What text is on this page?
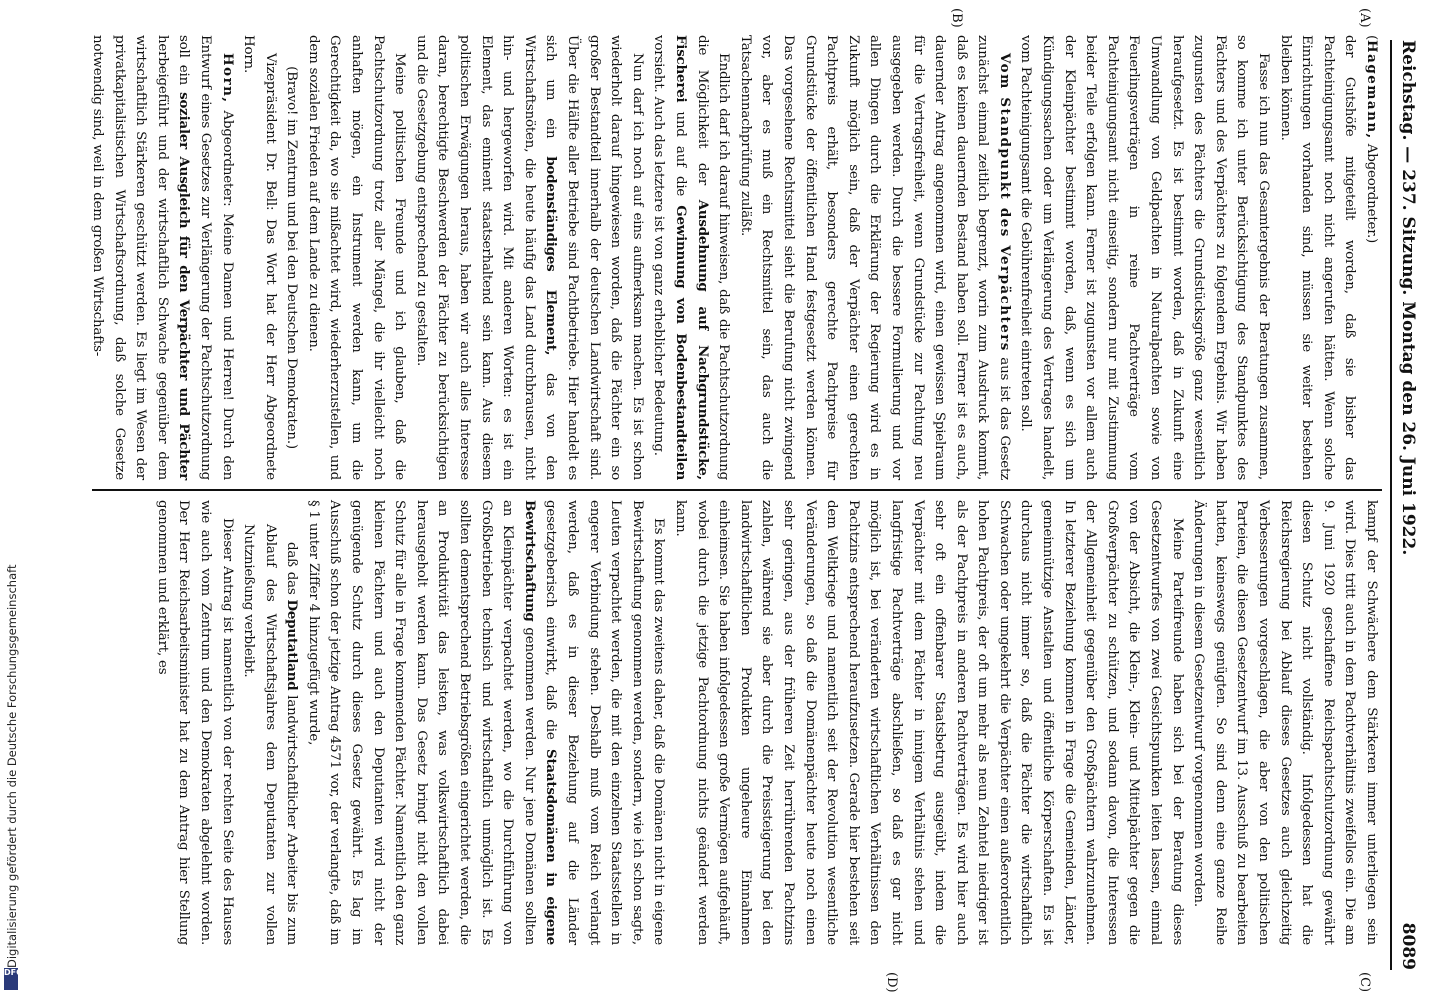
Reichstag. — 237. Sitzung. Montag den 26. Juni 1922.
8089
(A)
(B)
(C)
(D)

(Hagemann, Abgeordneter.)

der Gutshöfe mitgeteilt worden, daß sie bisher das Pachteinigungsamt noch nicht angerufen hätten. Wenn solche Einrichtungen vorhanden sind, müssen sie weiter bestehen bleiben können.

Fasse ich nun das Gesamtergebnis der Beratungen zusammen, so komme ich unter Berücksichtigung des Standpunktes des Pächters und des Verpächters zu folgendem Ergebnis. Wir haben zugunsten des Pächters die Grundstücksgröße ganz wesentlich heraufgesetzt. Es ist bestimmt worden, daß in Zukunft eine Umwandlung von Geldpachten in Naturalpachten sowie von Feuerlingsverträgen in reine Pachtverträge vom Pachteinigungsamt nicht einseitig, sondern nur mit Zustimmung beider Teile erfolgen kann. Ferner ist zugunsten vor allem auch der Kleinpächter bestimmt worden, daß, wenn es sich um Kündigungssachen oder um Verlängerung des Vertrages handelt, vom Pachteinigungsamt die Gebührenfreiheit eintreten soll.

Vom Standpunkt des Verpächters aus ist das Gesetz zunächst einmal zeitlich begrenzt, worin zum Ausdruck kommt, daß es keinen dauernden Bestand haben soll. Ferner ist es auch, dauernder Antrag angenommen wird, einen gewissen Spielraum für die Vertragsfreiheit, wenn Grundstücke zur Pachtung neu ausgegeben werden. Durch die bessere Formulierung und vor allen Dingen durch die Erklärung der Regierung wird es in Zukunft möglich sein, daß der Verpächter einen gerechten Pachtpreis erhält, besonders gerechte Pachtpreise für Grundstücke der öffentlichen Hand festgesetzt werden können. Das vorgesehene Rechtsmittel sieht die Berufung nicht zwingend vor, aber es muß ein Rechtsmittel sein, das auch die Tatsachennachprüfung zuläßt.

Endlich darf ich darauf hinweisen, daß die Pachtschutzordnung die Möglichkeit der Ausdehnung auf Nachgrundstücke, Fischerei und auf die Gewinnung von Bodenbestandteilen vorsieht. Auch das letztere ist von ganz erheblicher Bedeutung.

Nun darf ich noch auf eins aufmerksam machen. Es ist schon wiederholt darauf hingewiesen worden, daß die Pächter ein so großer Bestandteil innerhalb der deutschen Landwirtschaft sind. Über die Hälfte aller Betriebe sind Pachtbetriebe. Hier handelt es sich um ein bodenständiges Element, das von den Wirtschaftsnöten, die heute häufig das Land durchbrausen, nicht hin- und hergeworfen wird. Mit anderen Worten: es ist ein Element, das eminent staatserhaltend sein kann. Aus diesem politischen Erwägungen heraus, haben wir auch alles Interesse daran, berechtigte Beschwerden der Pächter zu berücksichtigen und die Gesetzgebung entsprechend zu gestalten.

Meine politischen Freunde und ich glauben, daß die Pachtschutzordnung trotz aller Mängel, die ihr vielleicht noch anhaften mögen, ein Instrument werden kann, um die Gerechtigkeit da, wo sie mißachtet wird, wiederherzustellen, und dem sozialen Frieden auf dem Lande zu dienen.

(Bravo! im Zentrum und bei den Deutschen Demokraten.)

Vizepräsident Dr. Bell: Das Wort hat der Herr Abgeordnete Horn.

Horn, Abgeordneter: Meine Damen und Herren! Durch den Entwurf eines Gesetzes zur Verlängerung der Pachtschutzordnung soll ein sozialer Ausgleich für den Verpächter und Pächter herbeigeführt und der wirtschaftlich Schwache gegenüber dem wirtschaftlich Stärkeren geschützt werden. Es liegt im Wesen der privatkapitalistischen Wirtschaftsordnung, daß solche Gesetze notwendig sind, weil in dem großen Wirtschafts-

kampf der Schwächere dem Stärkeren immer unterliegen sein wird. Dies tritt auch in dem Pachtverhältnis zweifellos ein. Die am 9. Juni 1920 geschaffene Reichspachtschutzordnung gewährt diesen Schutz nicht vollständig. Infolgedessen hat die Reichsregierung bei Ablauf dieses Gesetzes auch gleichzeitig Verbesserungen vorgeschlagen, die aber von den politischen Parteien, die diesen Gesetzentwurf im 13. Ausschuß zu bearbeiten hatten, keineswegs genügten. So sind denn eine ganze Reihe Änderungen in diesem Gesetzentwurf vorgenommen worden.

Meine Parteifreunde haben sich bei der Beratung dieses Gesetzentwurfes von zwei Gesichtspunkten leiten lassen, einmal von der Absicht, die Klein-, Klein- und Mittelpächter gegen die Großverpächter zu schützen, und sodann davon, die Interessen der Allgemeinheit gegenüber den Großpächtern wahrzunehmen. In letzterer Beziehung kommen in Frage die Gemeinden, Länder, gemeinnützige Anstalten und öffentliche Körperschaften. Es ist durchaus nicht immer so, daß die Pächter die wirtschaftlich Schwachen oder umgekehrt die Verpächter einen außerordentlich hohen Pachtpreis, der oft um mehr als neun Zehntel niedriger ist als der Pachtpreis in anderen Pachtverträgen. Es wird hier auch sehr oft ein offenbarer Staatsbetrug ausgeübt, indem die Verpächter mit dem Pächter in innigem Verhältnis stehen und langfristige Pachtverträge abschließen, so daß es gar nicht möglich ist, bei veränderten wirtschaftlichen Verhältnissen den Pachtzins entsprechend heraufzusetzen. Gerade hier bestehen seit dem Weltkriege und namentlich seit der Revolution wesentliche Veränderungen, so daß die Domänenpächter heute noch einen sehr geringen, aus der früheren Zeit herrührenden Pachtzins zahlen, während sie aber durch die Preissteigerung bei den landwirtschaftlichen Produkten ungeheure Einnahmen einheimsen. Sie haben infolgedessen große Vermögen aufgehäuft, wobei durch die jetzige Pachtordnung nichts geändert werden kann.

Es kommt das zweitens daher, daß die Domänen nicht in eigene Bewirtschaftung genommen werden, sondern, wie ich schon sagte, Leuten verpachtet werden, die mit den einzelnen Staatsstellen in engerer Verbindung stehen. Deshalb muß vom Reich verlangt werden, daß es in dieser Beziehung auf die Länder gesetzgeberisch einwirkt, daß die Staatsdomänen in eigene Bewirtschaftung genommen werden. Nur jene Domänen sollten an Kleinpächter verpachtet werden, wo die Durchführung von Großbetrieben technisch und wirtschaftlich unmöglich ist. Es sollten dementsprechend Betriebsgrößen eingerichtet werden, die an Produktivität das leisten, was volkswirtschaftlich dabei herausgeholt werden kann. Das Gesetz bringt nicht den vollen Schutz für alle in Frage kommenden Pächter. Namentlich den ganz kleinen Pächtern und auch den Deputanten wird nicht der genügende Schutz durch dieses Gesetz gewährt. Es lag im Ausschuß schon der jetzige Antrag 4571 vor, der verlangte, daß im § 1 unter Ziffer 4 hinzugefügt wurde,

daß das Deputatland landwirtschaftlicher Arbeiter bis zum Ablauf des Wirtschaftsjahres dem Deputanten zur vollen Nutznießung verbleibt.

Dieser Antrag ist namentlich von der rechten Seite des Hauses wie auch vom Zentrum und den Demokraten abgelehnt worden. Der Herr Reichsarbeitsminister hat zu dem Antrag hier Stellung genommen und erklärt, es

Digitalisierung gefördert durch die Deutsche Forschungsgemeinschaft
DFG
